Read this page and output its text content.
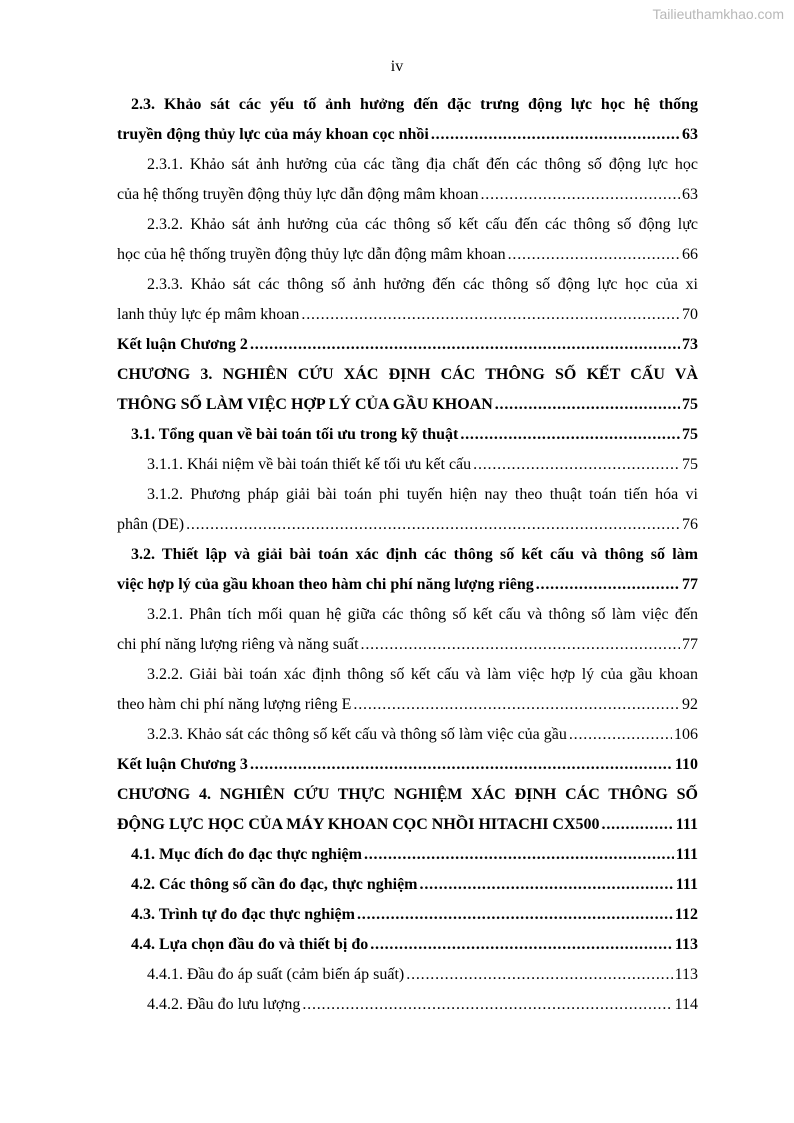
Tailieuthamkhao.com
iv
2.3. Khảo sát các yếu tố ảnh hưởng đến đặc trưng động lực học hệ thống
truyền động thủy lực của máy khoan cọc nhồi . . .	63
2.3.1. Khảo sát ảnh hưởng của các tầng địa chất đến các thông số động lực học
của hệ thống truyền động thủy lực dẫn động mâm khoan . . .	63
2.3.2. Khảo sát ảnh hưởng của các thông số kết cấu đến các thông số động lực
học của hệ thống truyền động thủy lực dẫn động mâm khoan . . .	66
2.3.3. Khảo sát các thông số ảnh hưởng đến các thông số động lực học của xi
lanh thủy lực ép mâm khoan . . .	70
Kết luận Chương 2 . . .	73
CHƯƠNG 3. NGHIÊN CỨU XÁC ĐỊNH CÁC THÔNG SỐ KẾT CẤU VÀ
THÔNG SỐ LÀM VIỆC HỢP LÝ CỦA GẦU KHOAN . . .	75
3.1. Tổng quan về bài toán tối ưu trong kỹ thuật . . .	75
3.1.1. Khái niệm về bài toán thiết kế tối ưu kết cấu . . .	75
3.1.2. Phương pháp giải bài toán phi tuyến hiện nay theo thuật toán tiến hóa vi
phân (DE) . . .	76
3.2. Thiết lập và giải bài toán xác định các thông số kết cấu và thông số làm
việc hợp lý của gầu khoan theo hàm chi phí năng lượng riêng . . .	77
3.2.1. Phân tích mối quan hệ giữa các thông số kết cấu và thông số làm việc đến
chi phí năng lượng riêng và năng suất . . .	77
3.2.2. Giải bài toán xác định thông số kết cấu và làm việc hợp lý của gầu khoan
theo hàm chi phí năng lượng riêng E . . .	92
3.2.3. Khảo sát các thông số kết cấu và thông số làm việc của gầu . . .	106
Kết luận Chương 3 . . .	110
CHƯƠNG 4. NGHIÊN CỨU THỰC NGHIỆM XÁC ĐỊNH CÁC THÔNG SỐ
ĐỘNG LỰC HỌC CỦA MÁY KHOAN CỌC NHỒI HITACHI CX500 . . .	111
4.1. Mục đích đo đạc thực nghiệm . . .	111
4.2. Các thông số cần đo đạc, thực nghiệm . . .	111
4.3. Trình tự đo đạc thực nghiệm . . .	112
4.4. Lựa chọn đầu đo và thiết bị đo . . .	113
4.4.1. Đầu đo áp suất (cảm biến áp suất) . . .	113
4.4.2. Đầu đo lưu lượng . . .	114
